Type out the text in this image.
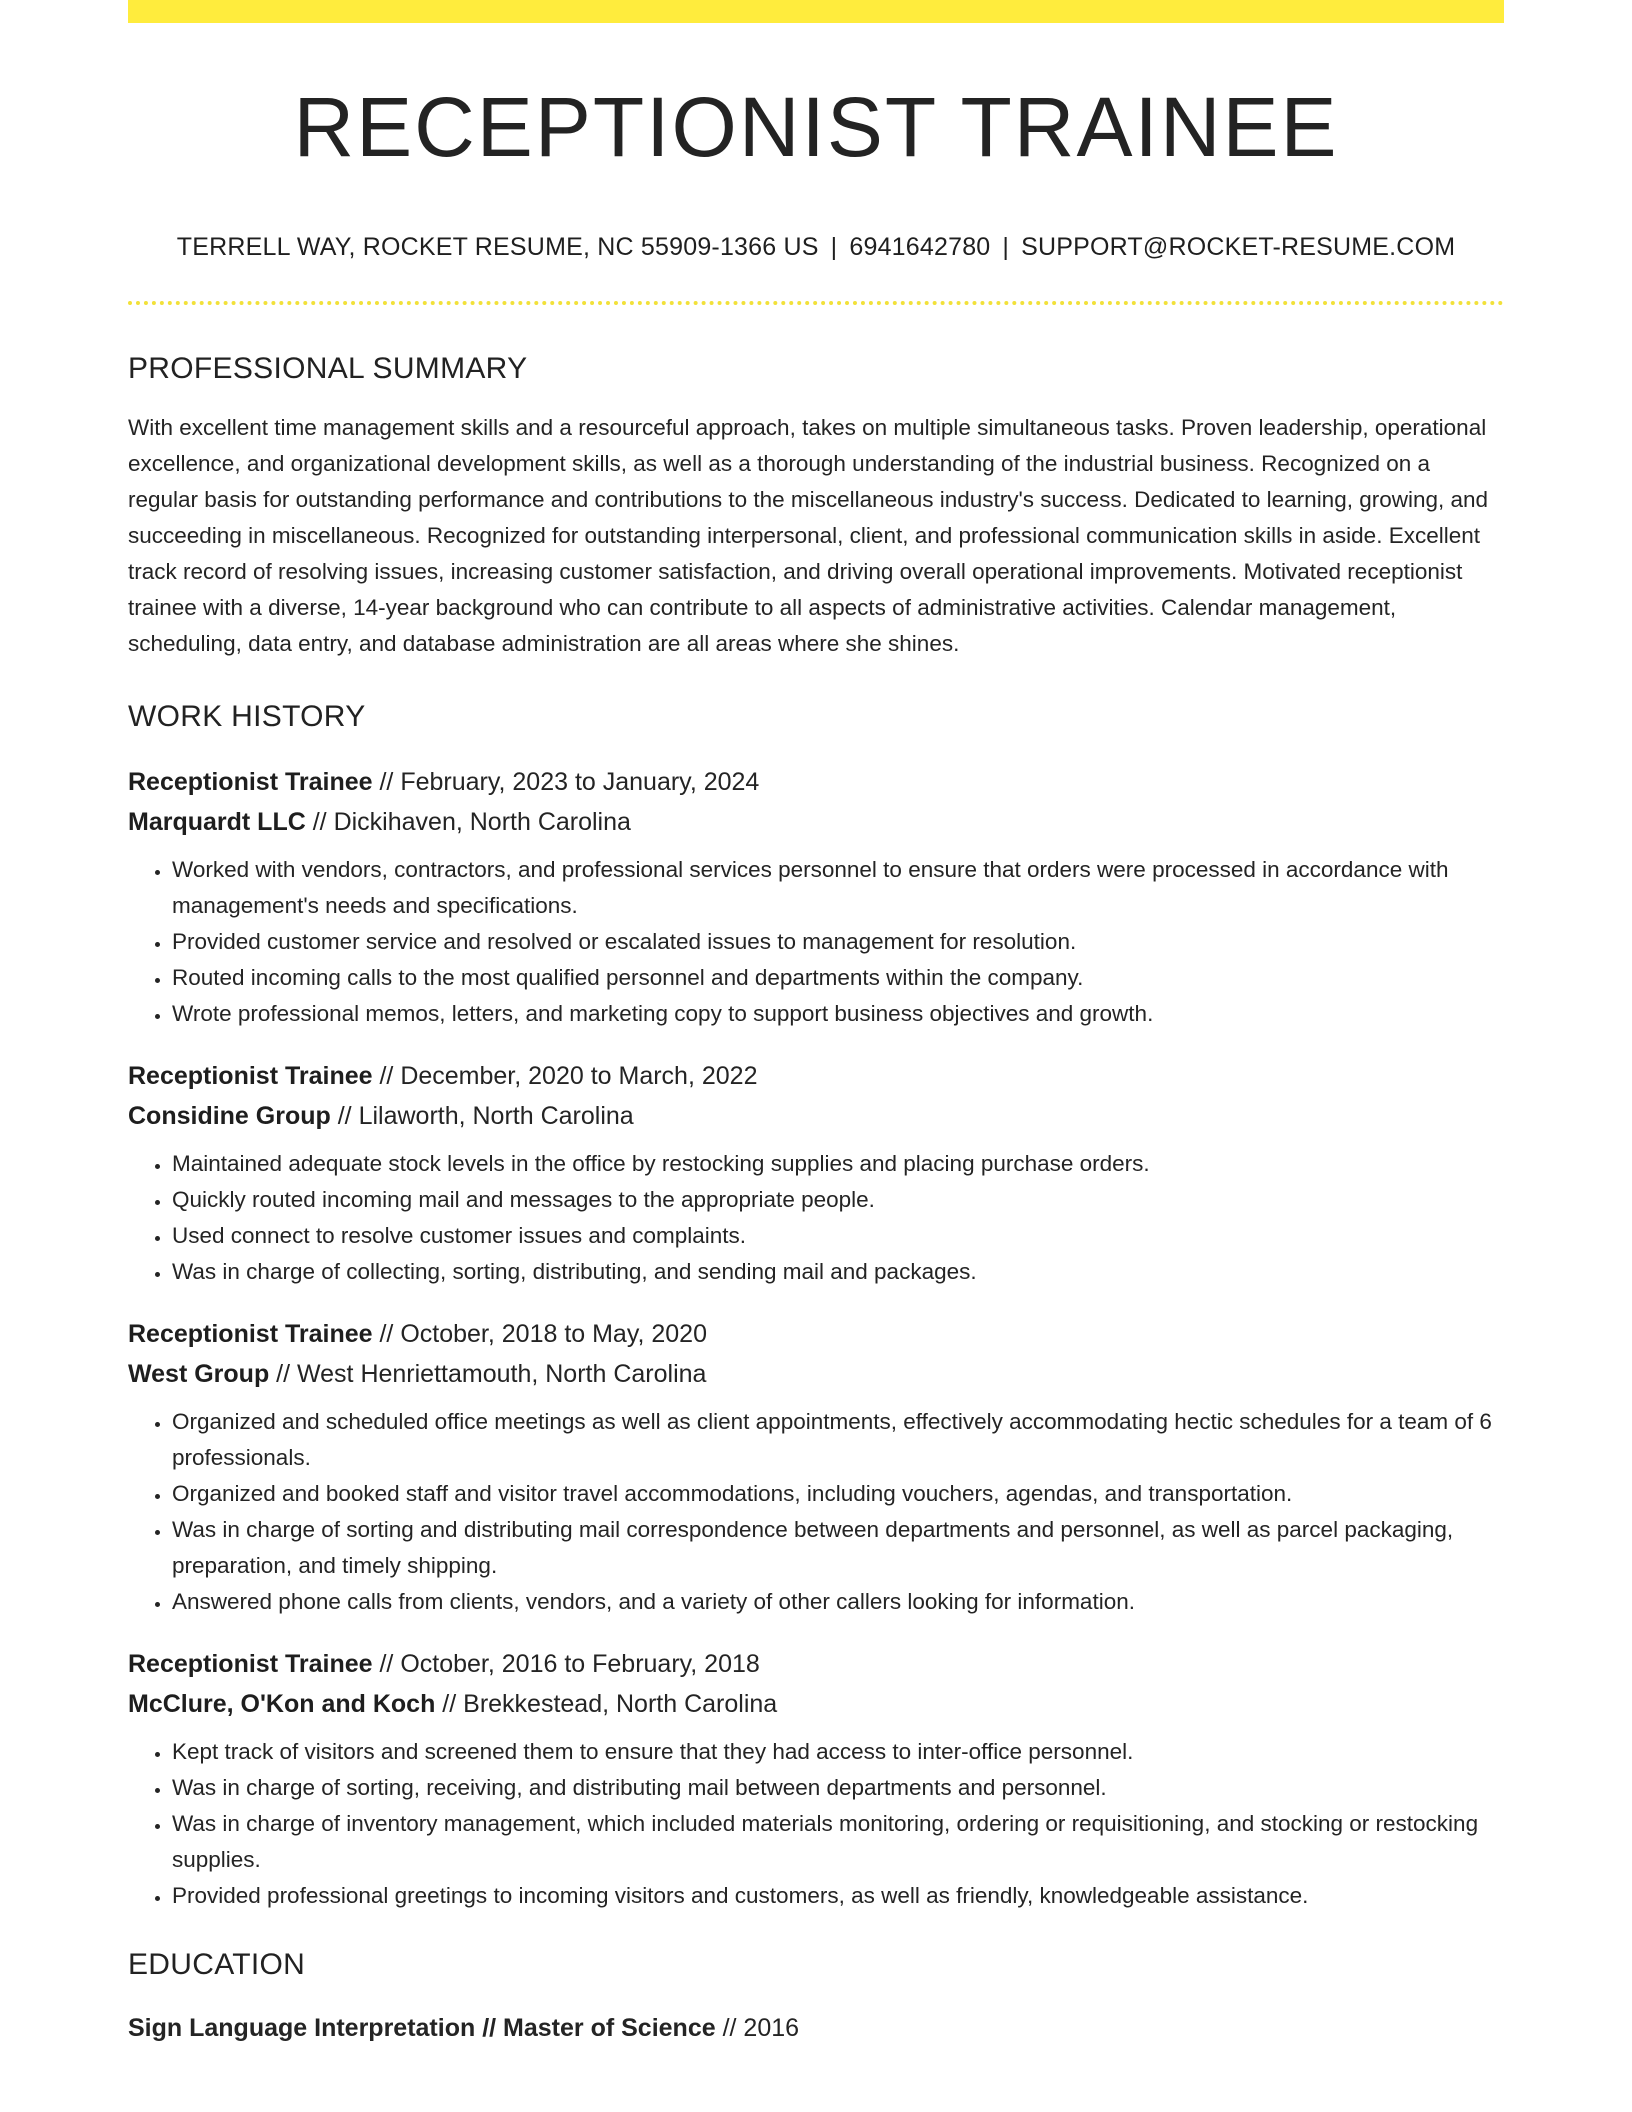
RECEPTIONIST TRAINEE
TERRELL WAY, ROCKET RESUME, NC 55909-1366 US | 6941642780 | SUPPORT@ROCKET-RESUME.COM
PROFESSIONAL SUMMARY

With excellent time management skills and a resourceful approach, takes on multiple simultaneous tasks. Proven leadership, operational excellence, and organizational development skills, as well as a thorough understanding of the industrial business. Recognized on a regular basis for outstanding performance and contributions to the miscellaneous industry's success. Dedicated to learning, growing, and succeeding in miscellaneous. Recognized for outstanding interpersonal, client, and professional communication skills in aside. Excellent track record of resolving issues, increasing customer satisfaction, and driving overall operational improvements. Motivated receptionist trainee with a diverse, 14-year background who can contribute to all aspects of administrative activities. Calendar management, scheduling, data entry, and database administration are all areas where she shines.

WORK HISTORY
Receptionist Trainee // February, 2023 to January, 2024
Marquardt LLC // Dickihaven, North Carolina
• Worked with vendors, contractors, and professional services personnel to ensure that orders were processed in accordance with management's needs and specifications.
• Provided customer service and resolved or escalated issues to management for resolution.
• Routed incoming calls to the most qualified personnel and departments within the company.
• Wrote professional memos, letters, and marketing copy to support business objectives and growth.
Receptionist Trainee // December, 2020 to March, 2022
Considine Group // Lilaworth, North Carolina
• Maintained adequate stock levels in the office by restocking supplies and placing purchase orders.
• Quickly routed incoming mail and messages to the appropriate people.
• Used connect to resolve customer issues and complaints.
• Was in charge of collecting, sorting, distributing, and sending mail and packages.
Receptionist Trainee // October, 2018 to May, 2020
West Group // West Henriettamouth, North Carolina
• Organized and scheduled office meetings as well as client appointments, effectively accommodating hectic schedules for a team of 6 professionals.
• Organized and booked staff and visitor travel accommodations, including vouchers, agendas, and transportation.
• Was in charge of sorting and distributing mail correspondence between departments and personnel, as well as parcel packaging, preparation, and timely shipping.
• Answered phone calls from clients, vendors, and a variety of other callers looking for information.
Receptionist Trainee // October, 2016 to February, 2018
McClure, O'Kon and Koch // Brekkestead, North Carolina
• Kept track of visitors and screened them to ensure that they had access to inter-office personnel.
• Was in charge of sorting, receiving, and distributing mail between departments and personnel.
• Was in charge of inventory management, which included materials monitoring, ordering or requisitioning, and stocking or restocking supplies.
• Provided professional greetings to incoming visitors and customers, as well as friendly, knowledgeable assistance.
EDUCATION
Sign Language Interpretation // Master of Science // 2016
